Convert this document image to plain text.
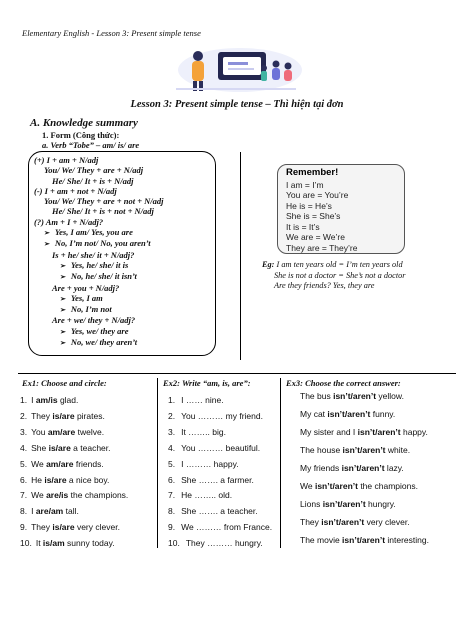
Elementary English - Lesson 3: Present simple tense
Lesson 3: Present simple tense – Thì hiện tại đơn
A. Knowledge summary
1. Form (Công thức):
a. Verb “Tobe” – am/ is/ are
(+) I + am + N/adj
You/ We/ They + are + N/adj
He/ She/ It + is + N/adj
(-) I + am + not + N/adj
You/ We/ They + are + not + N/adj
He/ She/ It + is + not + N/adj
(?) Am + I + N/adj?
➢ Yes, I am/ Yes, you are
➢ No, I’m not/ No, you aren’t
Is + he/ she/ it + N/adj?
➢ Yes, he/ she/ it is
➢ No, he/ she/ it isn’t
Are + you + N/adj?
➢ Yes, I am
➢ No, I’m not
Are + we/ they + N/adj?
➢ Yes, we/ they are
➢ No, we/ they aren’t
Remember!
I am = I’m
You are = You’re
He is = He’s
She is = She’s
It is = It’s
We are = We’re
They are = They’re
Eg: I am ten years old = I’m ten years old
She is not a doctor = She’s not a doctor
Are they friends? Yes, they are
Ex1: Choose and circle:	Ex2: Write “am, is, are”:	Ex3: Choose the correct answer:
1. I am/is glad.
2. They is/are pirates.
3. You am/are twelve.
4. She is/are a teacher.
5. We am/are friends.
6. He is/are a nice boy.
7. We are/is the champions.
8. I are/am tall.
9. They is/are very clever.
10. It is/am sunny today.
1. I …… nine.
2. You ……… my friend.
3. It …….. big.
4. You ……… beautiful.
5. I ……… happy.
6. She ……. a farmer.
7. He …….. old.
8. She ……. a teacher.
9. We ……… from France.
10. They ……… hungry.
The bus isn’t/aren’t yellow.
My cat isn’t/aren’t funny.
My sister and I isn’t/aren’t happy.
The house isn’t/aren’t white.
My friends isn’t/aren’t lazy.
We isn’t/aren’t the champions.
Lions isn’t/aren’t hungry.
They isn’t/aren’t very clever.
The movie isn’t/aren’t interesting.
